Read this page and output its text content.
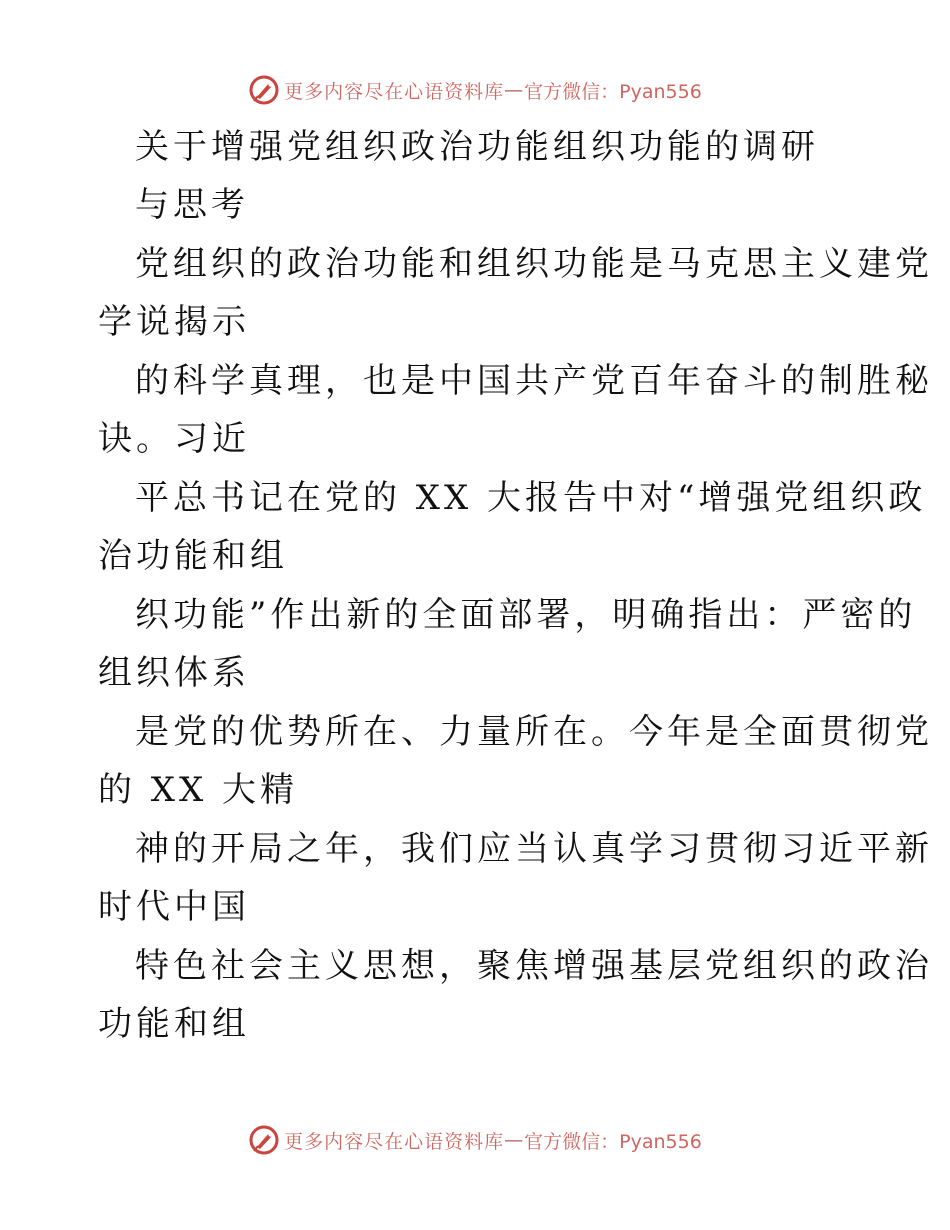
更多内容尽在心语资料库 — 官方微信：Pyan556
关于增强党组织政治功能组织功能的调研
与思考
党组织的政治功能和组织功能是马克思主义建党
学说揭示
的科学真理，也是中国共产党百年奋斗的制胜秘
诀。习近
平总书记在党的 XX 大报告中对“增强党组织政
治功能和组
织功能”作出新的全面部署，明确指出：严密的
组织体系
是党的优势所在、力量所在。今年是全面贯彻党
的 XX 大精
神的开局之年，我们应当认真学习贯彻习近平新
时代中国
特色社会主义思想，聚焦增强基层党组织的政治
功能和组
更多内容尽在心语资料库 — 官方微信：Pyan556
